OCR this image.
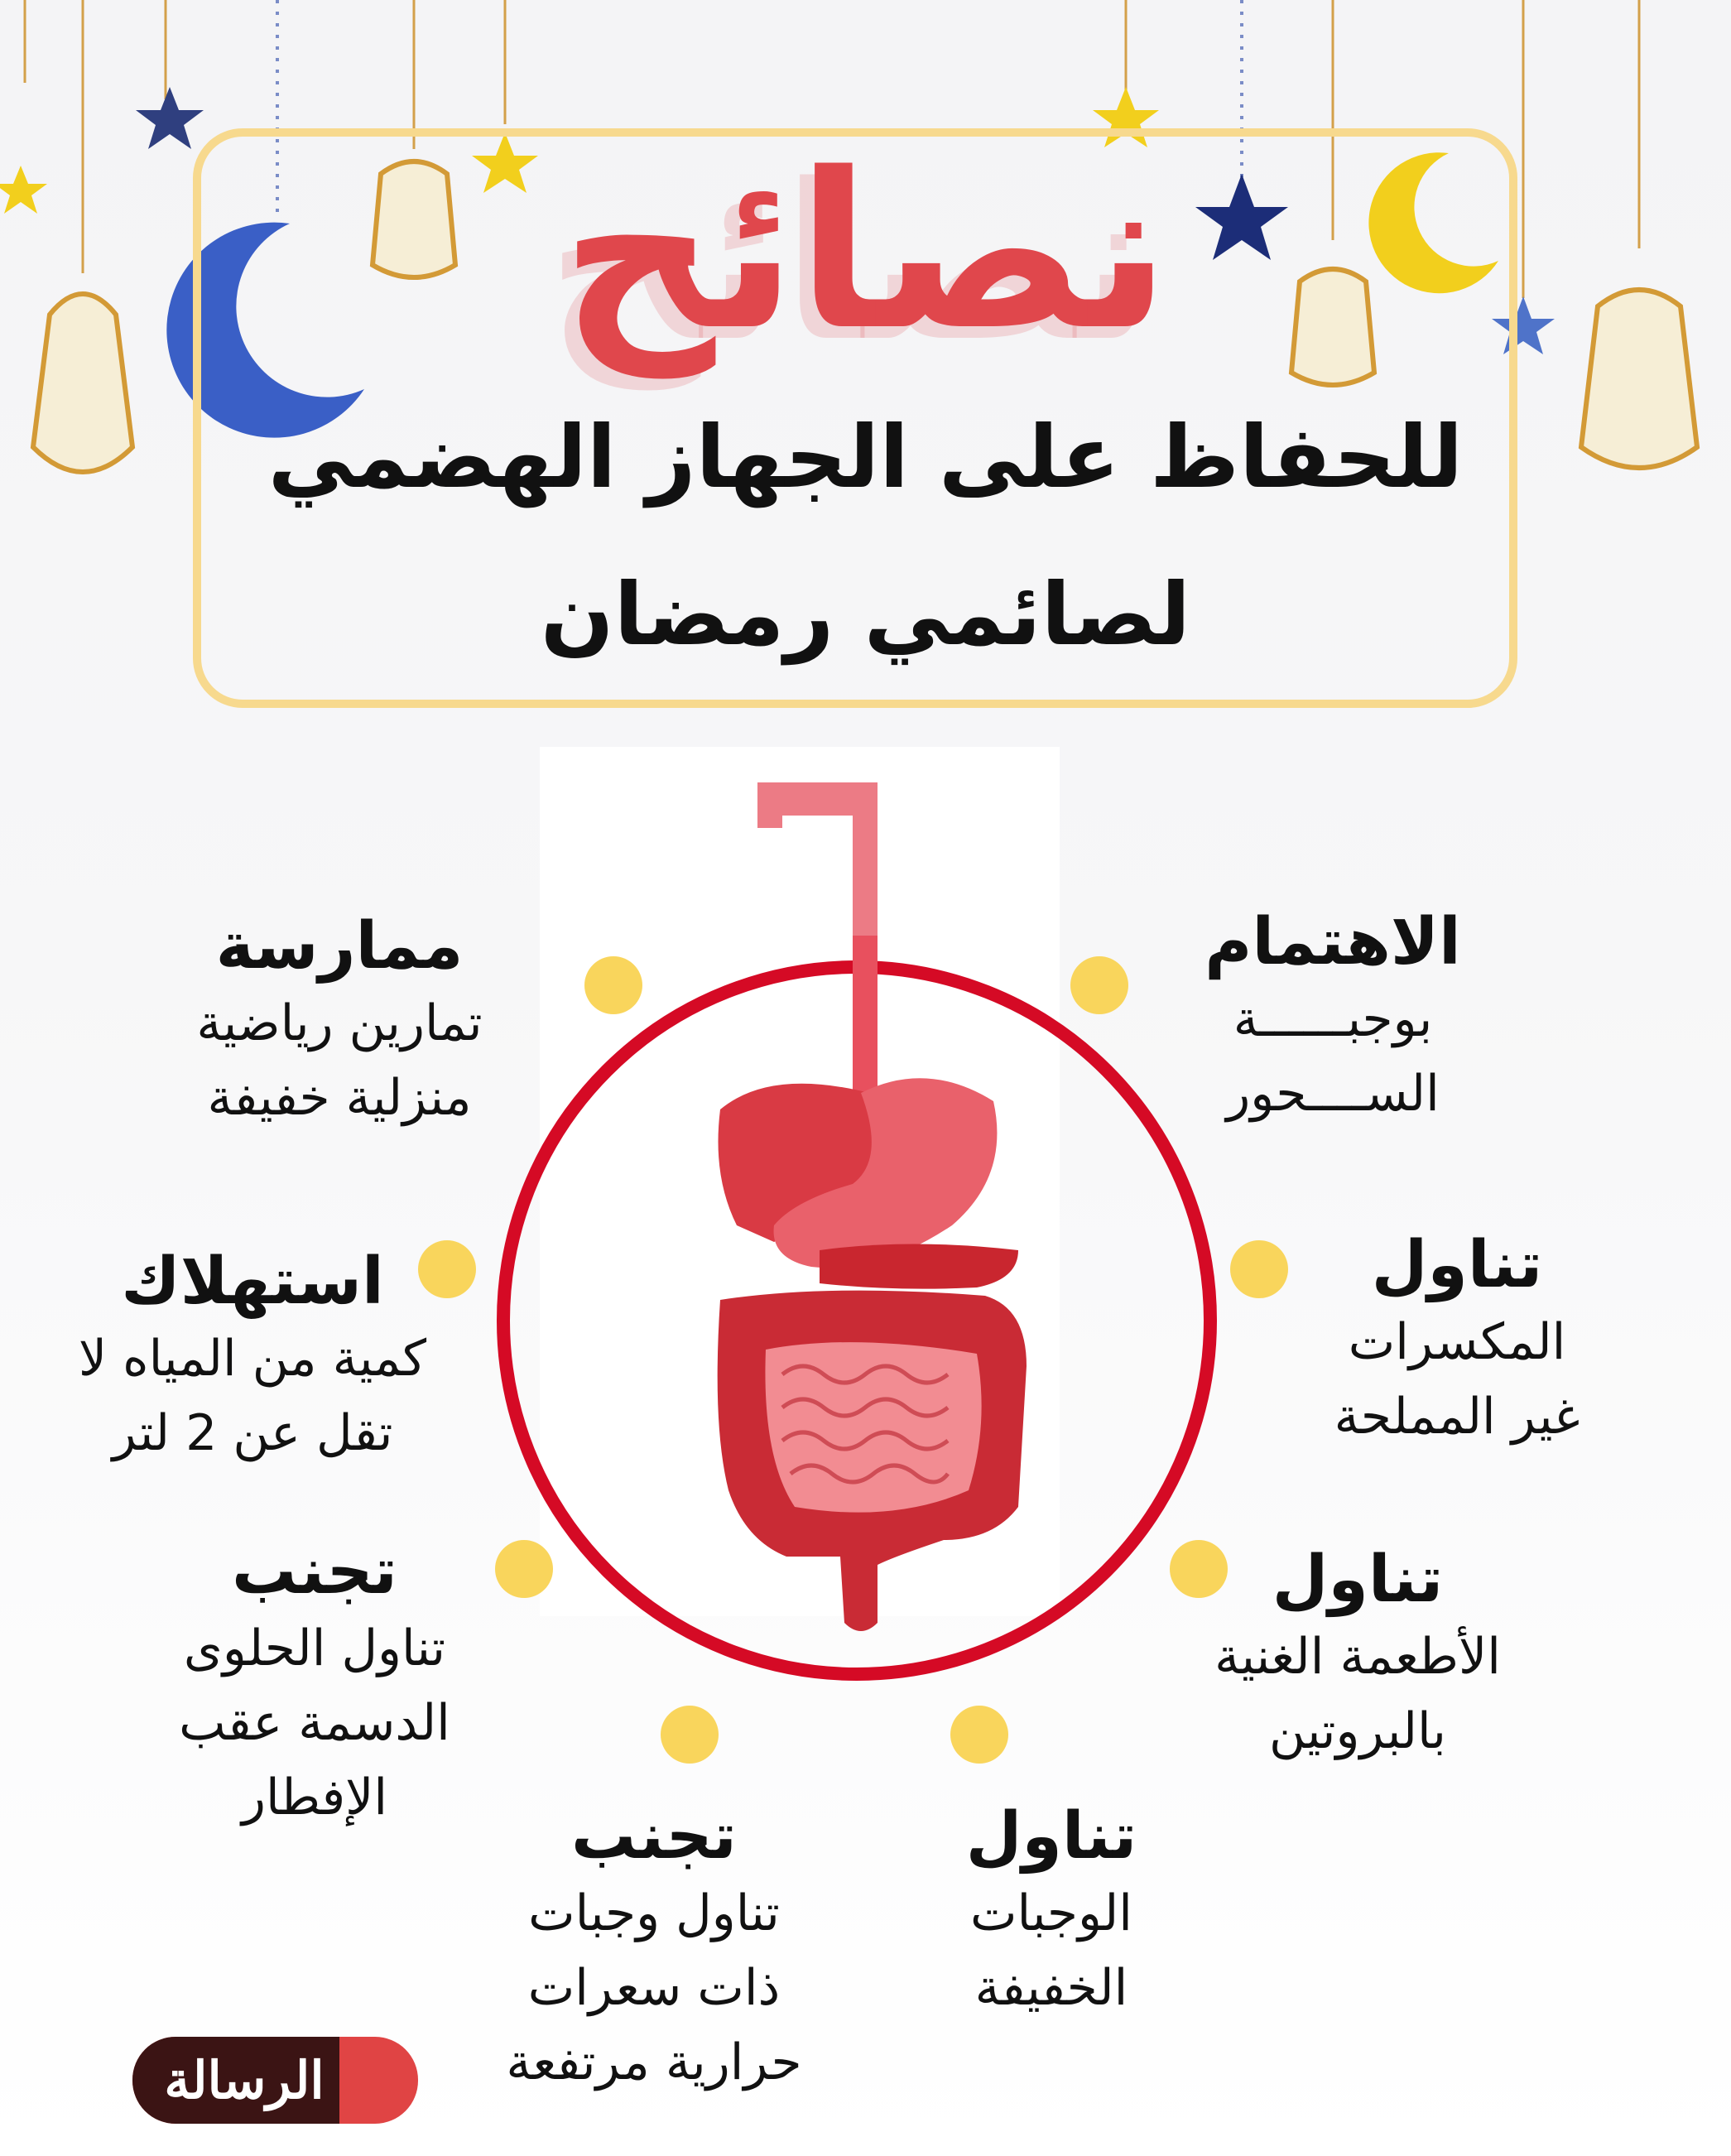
نصائح
للحفاظ على الجهاز الهضمي
لصائمي رمضان
الاهتمام
بوجبــــــة
الســــحور
تناول
المكسرات
غير المملحة
تناول
الأطعمة الغنية
بالبروتين
تناول
الوجبات
الخفيفة
تجنب
تناول وجبات
ذات سعرات
حرارية مرتفعة
تجنب
تناول الحلوى
الدسمة عقب
الإفطار
استهلاك
كمية من المياه لا
تقل عن 2 لتر
ممارسة
تمارين رياضية
منزلية خفيفة
الرسالة
